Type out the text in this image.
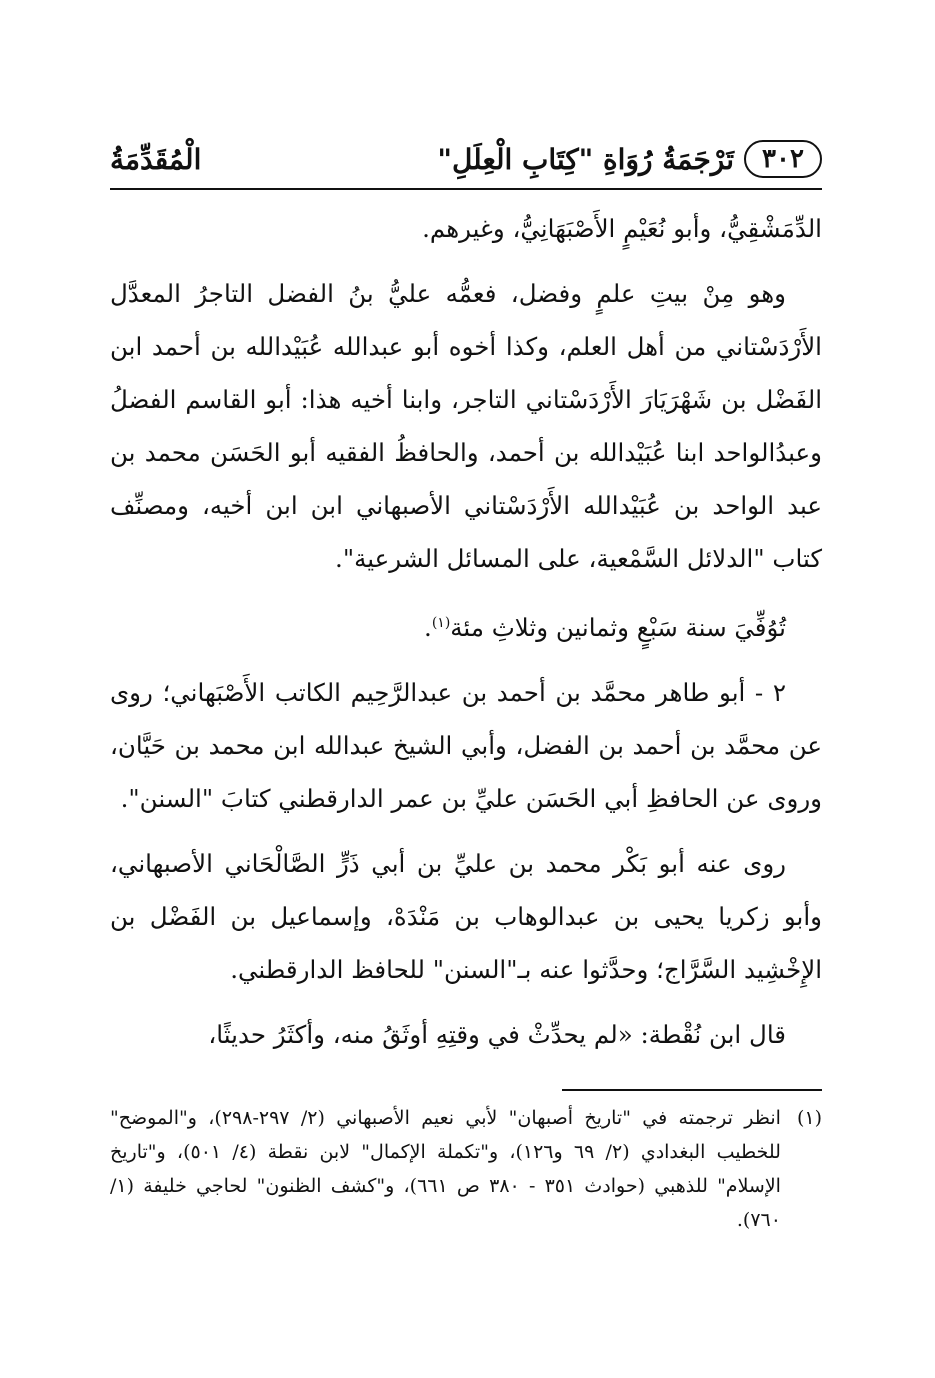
٣٠٢
تَرْجَمَةُ رُوَاةِ "كِتَابِ الْعِلَلِ"
الْمُقَدِّمَةُ

الدِّمَشْقِيُّ، وأبو نُعَيْمٍ الأَصْبَهَانِيُّ، وغيرهم.

وهو مِنْ بيتِ علمٍ وفضل، فعمُّه عليُّ بنُ الفضل التاجرُ المعدَّل الأَرْدَسْتاني من أهل العلم، وكذا أخوه أبو عبدالله عُبَيْدالله بن أحمد ابن الفَضْل بن شَهْرَيَارَ الأَرْدَسْتاني التاجر، وابنا أخيه هذا: أبو القاسم الفضلُ وعبدُالواحد ابنا عُبَيْدالله بن أحمد، والحافظُ الفقيه أبو الحَسَن محمد بن عبد الواحد بن عُبَيْدالله الأَرْدَسْتاني الأصبهاني ابن ابن أخيه، ومصنِّف كتاب "الدلائل السَّمْعية، على المسائل الشرعية".

تُوُفِّيَ سنة سَبْعٍ وثمانين وثلاثِ مئة$^{(١)}$.

٢ - أبو طاهر محمَّد بن أحمد بن عبدالرَّحِيم الكاتب الأَصْبَهاني؛ روى عن محمَّد بن أحمد بن الفضل، وأبي الشيخ عبدالله ابن محمد بن حَيَّان، وروى عن الحافظِ أبي الحَسَن عليِّ بن عمر الدارقطني كتابَ "السنن".

روى عنه أبو بَكْر محمد بن عليِّ بن أبي ذَرٍّ الصَّالْحَاني الأصبهاني، وأبو زكريا يحيى بن عبدالوهاب بن مَنْدَهْ، وإسماعيل بن الفَضْل بن الإِخْشِيد السَّرَّاج؛ وحدَّثوا عنه بـ"السنن" للحافظ الدارقطني.

قال ابن نُقْطة: «لم يحدِّثْ في وقتِهِ أوثَقُ منه، وأكثَرُ حديثًا،

(١)
انظر ترجمته في "تاريخ أصبهان" لأبي نعيم الأصبهاني (٢/ ٢٩٧-٢٩٨)، و"الموضح" للخطيب البغدادي (٢/ ٦٩ و١٢٦)، و"تكملة الإكمال" لابن نقطة (٤/ ٥٠١)، و"تاريخ الإسلام" للذهبي (حوادث ٣٥١ - ٣٨٠ ص ٦٦١)، و"كشف الظنون" لحاجي خليفة (١/ ٧٦٠).
